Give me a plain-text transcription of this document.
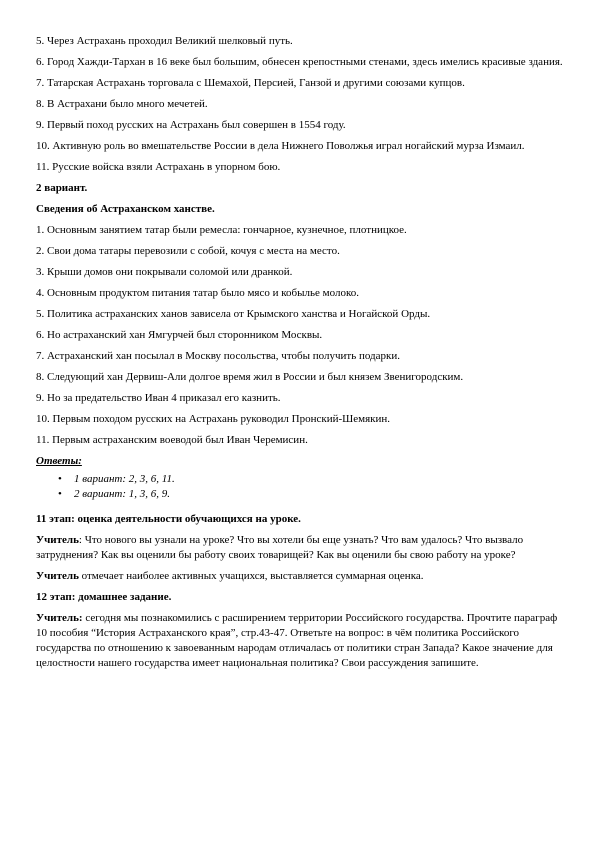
5. Через Астрахань проходил Великий шелковый путь.

6. Город Хажди-Тархан в 16 веке был большим, обнесен крепостными стенами, здесь имелись красивые здания.

7. Татарская Астрахань торговала с Шемахой, Персией, Ганзой и другими союзами купцов.

8. В Астрахани было много мечетей.

9. Первый поход русских на Астрахань был совершен в 1554 году.

10. Активную роль во вмешательстве России в дела Нижнего Поволжья играл ногайский мурза Измаил.

11. Русские войска взяли Астрахань в упорном бою.

2 вариант.

Сведения об Астраханском ханстве.

1. Основным занятием татар были ремесла: гончарное, кузнечное, плотницкое.

2. Свои дома татары перевозили с собой, кочуя с места на место.

3. Крыши домов они покрывали соломой или дранкой.

4. Основным продуктом питания татар было мясо и кобылье молоко.

5. Политика астраханских ханов зависела от Крымского ханства и Ногайской Орды.

6. Но астраханский хан Ямгурчей был сторонником Москвы.

7. Астраханский хан посылал в Москву посольства, чтобы получить подарки.

8. Следующий хан Дервиш-Али долгое время жил в России и был князем Звенигородским.

9. Но за предательство Иван 4 приказал его казнить.

10. Первым походом русских на Астрахань руководил Пронский-Шемякин.

11. Первым астраханским воеводой был Иван Черемисин.

Ответы:

• 1 вариант: 2, 3, 6, 11.
• 2 вариант: 1, 3, 6, 9.

11 этап: оценка деятельности обучающихся на уроке.

Учитель: Что нового вы узнали на уроке? Что вы хотели бы еще узнать? Что вам удалось? Что вызвало затруднения? Как вы оценили бы работу своих товарищей? Как вы оценили бы свою работу на уроке?

Учитель отмечает наиболее активных учащихся, выставляется суммарная оценка.

12 этап: домашнее задание.

Учитель: сегодня мы познакомились с расширением территории Российского государства. Прочтите параграф 10 пособия “История Астраханского края”, стр.43-47. Ответьте на вопрос: в чём политика Российского государства по отношению к завоеванным народам отличалась от политики стран Запада? Какое значение для целостности нашего государства имеет национальная политика? Свои рассуждения запишите.
